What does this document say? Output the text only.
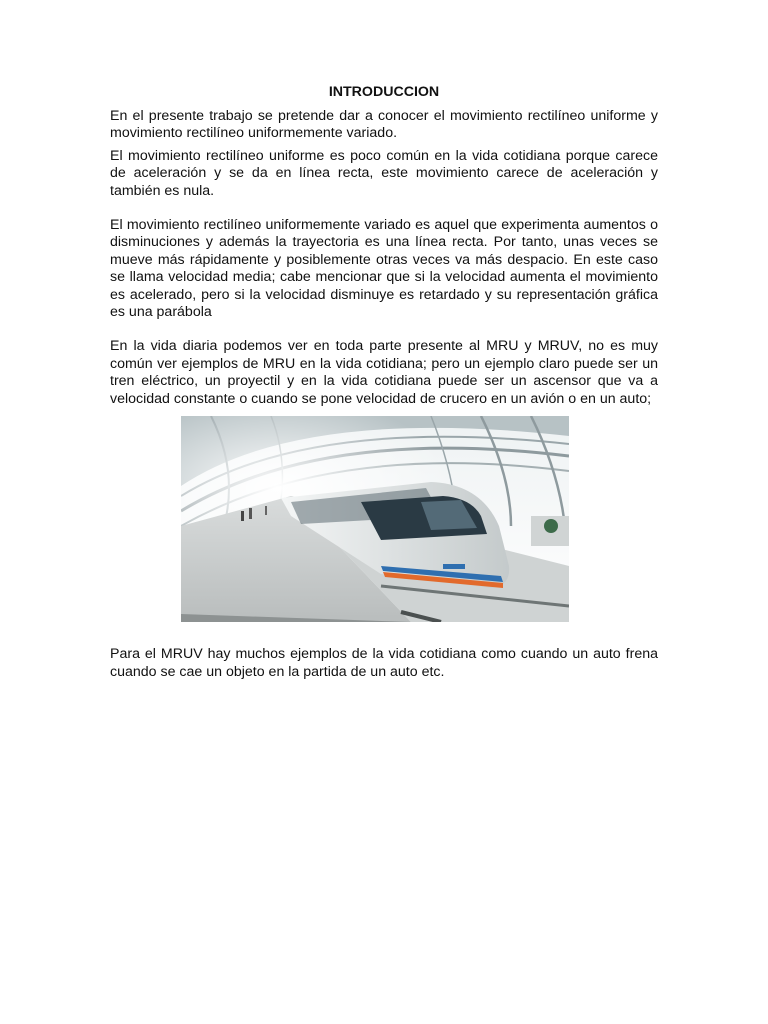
INTRODUCCION

En el presente trabajo se pretende dar a conocer el movimiento rectilíneo uniforme y movimiento rectilíneo uniformemente variado.

El movimiento rectilíneo uniforme es poco común en la vida cotidiana porque carece de aceleración y se da en línea recta, este movimiento carece de aceleración y también es nula.

El movimiento rectilíneo uniformemente variado es aquel que experimenta aumentos o disminuciones y además la trayectoria es una línea recta. Por tanto, unas veces se mueve más rápidamente y posiblemente otras veces va más despacio. En este caso se llama velocidad media; cabe mencionar que si la velocidad aumenta el movimiento es acelerado, pero si la velocidad disminuye es retardado y su representación gráfica es una parábola

En la vida diaria podemos ver en toda parte presente al MRU y MRUV, no es muy común ver ejemplos de MRU en la vida cotidiana; pero un ejemplo claro puede ser un tren eléctrico, un proyectil y en la vida cotidiana puede ser un ascensor que va a velocidad constante o cuando se pone velocidad de crucero en un avión o en un auto;

Para el MRUV hay muchos ejemplos de la vida cotidiana como cuando un auto frena cuando se cae un objeto en la partida de un auto etc.
